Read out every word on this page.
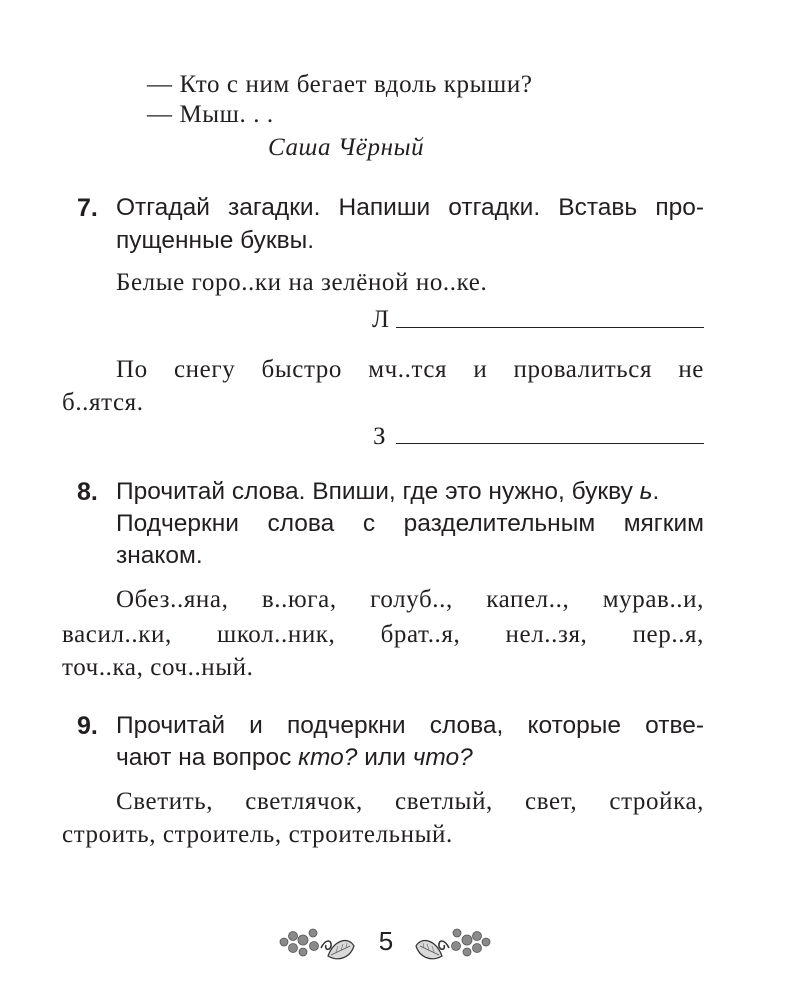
— Кто с ним бегает вдоль крыши?
— Мыш. . .
Саша Чёрный
7. Отгадай загадки. Напиши отгадки. Вставь про-
пущенные буквы.
Белые горо..ки на зелёной но..ке.
Л
По снегу быстро мч..тся и провалиться не
б..ятся.
З
8. Прочитай слова. Впиши, где это нужно, букву ь.
Подчеркни слова с разделительным мягким
знаком.
Обез..яна, в..юга, голуб.., капел.., мурав..и,
васил..ки, школ..ник, брат..я, нел..зя, пер..я,
точ..ка, соч..ный.
9. Прочитай и подчеркни слова, которые отве-
чают на вопрос кто? или что?
Светить, светлячок, светлый, свет, стройка,
строить, строитель, строительный.
5
